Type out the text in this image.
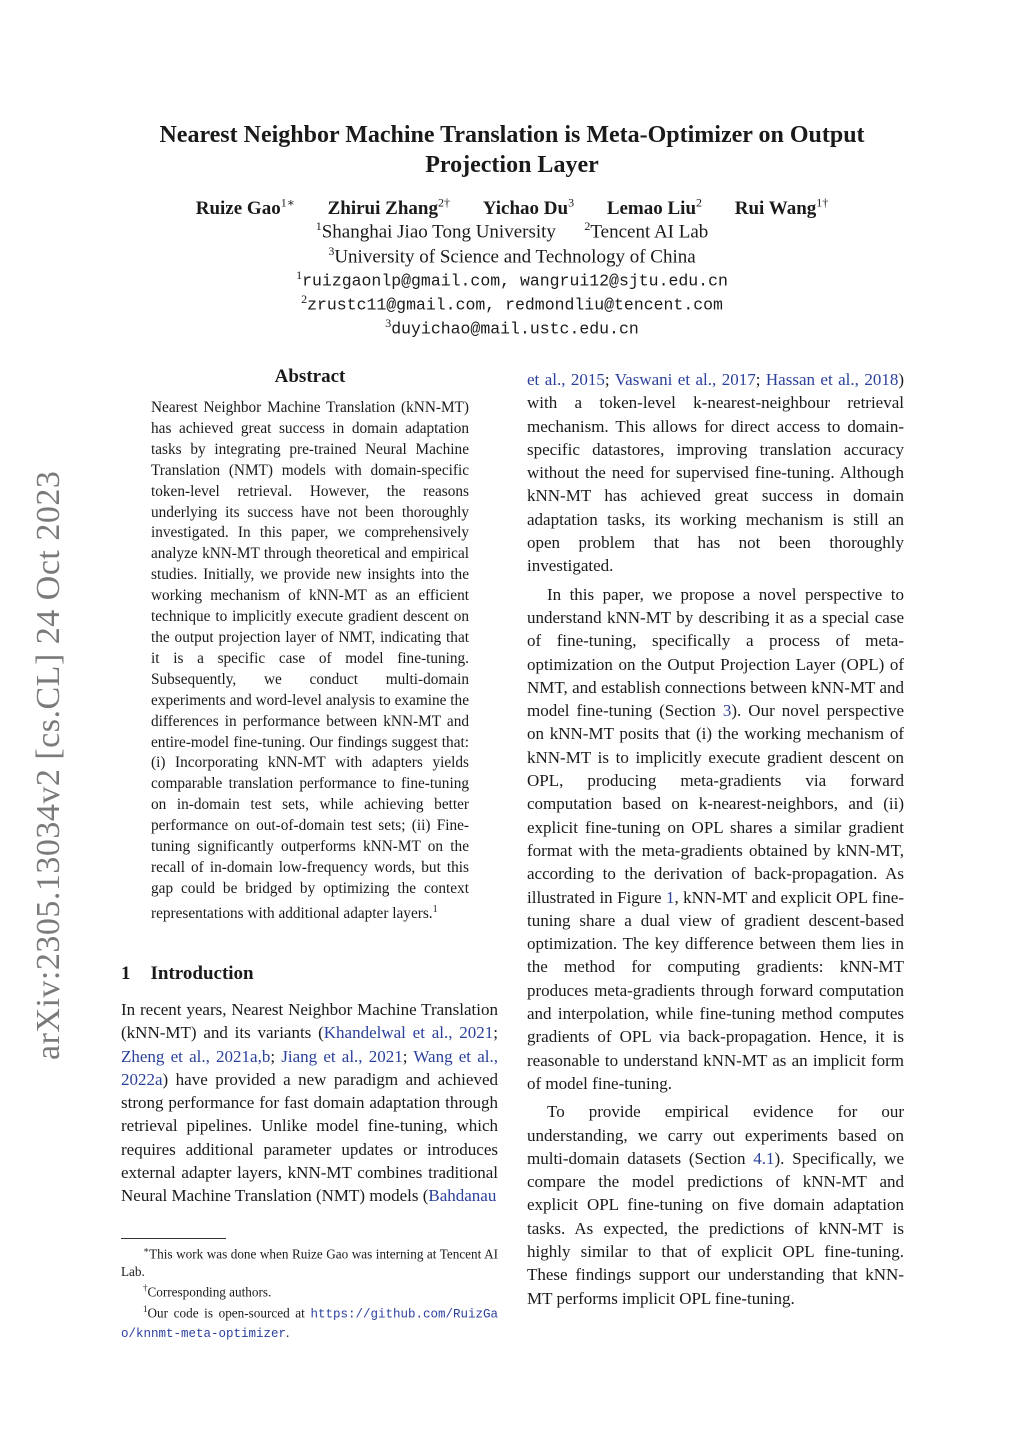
arXiv:2305.13034v2 [cs.CL] 24 Oct 2023
Nearest Neighbor Machine Translation is Meta-Optimizer on Output
Projection Layer
Ruize Gao$^{1∗}$ Zhirui Zhang$^{2\dagger}$ Yichao Du$^3$ Lemao Liu$^2$ Rui Wang$^{1\dagger}$
$^1$Shanghai Jiao Tong University $^2$Tencent AI Lab
$^3$University of Science and Technology of China
$^1$ruizgaonlp@gmail.com, wangrui12@sjtu.edu.cn
$^2$zrustc11@gmail.com, redmondliu@tencent.com
$^3$duyichao@mail.ustc.edu.cn
Abstract
Nearest Neighbor Machine Translation (kNN-MT) has achieved great success in domain adaptation tasks by integrating pre-trained Neural Machine Translation (NMT) models with domain-specific token-level retrieval. However, the reasons underlying its success have not been thoroughly investigated. In this paper, we comprehensively analyze kNN-MT through theoretical and empirical studies. Initially, we provide new insights into the working mechanism of kNN-MT as an efficient technique to implicitly execute gradient descent on the output projection layer of NMT, indicating that it is a specific case of model fine-tuning. Subsequently, we conduct multi-domain experiments and word-level analysis to examine the differences in performance between kNN-MT and entire-model fine-tuning. Our findings suggest that: (i) Incorporating kNN-MT with adapters yields comparable translation performance to fine-tuning on in-domain test sets, while achieving better performance on out-of-domain test sets; (ii) Fine-tuning significantly outperforms kNN-MT on the recall of in-domain low-frequency words, but this gap could be bridged by optimizing the context representations with additional adapter layers.$^1$
1 Introduction
In recent years, Nearest Neighbor Machine Translation (kNN-MT) and its variants (Khandelwal et al., 2021; Zheng et al., 2021a,b; Jiang et al., 2021; Wang et al., 2022a) have provided a new paradigm and achieved strong performance for fast domain adaptation through retrieval pipelines. Unlike model fine-tuning, which requires additional parameter updates or introduces external adapter layers, kNN-MT combines traditional Neural Machine Translation (NMT) models (Bahdanau

∗This work was done when Ruize Gao was interning at Tencent AI Lab.

†Corresponding authors.

$^1$Our code is open-sourced at https://github.com/RuizGao/knnmt-meta-optimizer.

et al., 2015; Vaswani et al., 2017; Hassan et al., 2018) with a token-level k-nearest-neighbour retrieval mechanism. This allows for direct access to domain-specific datastores, improving translation accuracy without the need for supervised fine-tuning. Although kNN-MT has achieved great success in domain adaptation tasks, its working mechanism is still an open problem that has not been thoroughly investigated.

In this paper, we propose a novel perspective to understand kNN-MT by describing it as a special case of fine-tuning, specifically a process of meta-optimization on the Output Projection Layer (OPL) of NMT, and establish connections between kNN-MT and model fine-tuning (Section 3). Our novel perspective on kNN-MT posits that (i) the working mechanism of kNN-MT is to implicitly execute gradient descent on OPL, producing meta-gradients via forward computation based on k-nearest-neighbors, and (ii) explicit fine-tuning on OPL shares a similar gradient format with the meta-gradients obtained by kNN-MT, according to the derivation of back-propagation. As illustrated in Figure 1, kNN-MT and explicit OPL fine-tuning share a dual view of gradient descent-based optimization. The key difference between them lies in the method for computing gradients: kNN-MT produces meta-gradients through forward computation and interpolation, while fine-tuning method computes gradients of OPL via back-propagation. Hence, it is reasonable to understand kNN-MT as an implicit form of model fine-tuning.

To provide empirical evidence for our understanding, we carry out experiments based on multi-domain datasets (Section 4.1). Specifically, we compare the model predictions of kNN-MT and explicit OPL fine-tuning on five domain adaptation tasks. As expected, the predictions of kNN-MT is highly similar to that of explicit OPL fine-tuning. These findings support our understanding that kNN-MT performs implicit OPL fine-tuning.
